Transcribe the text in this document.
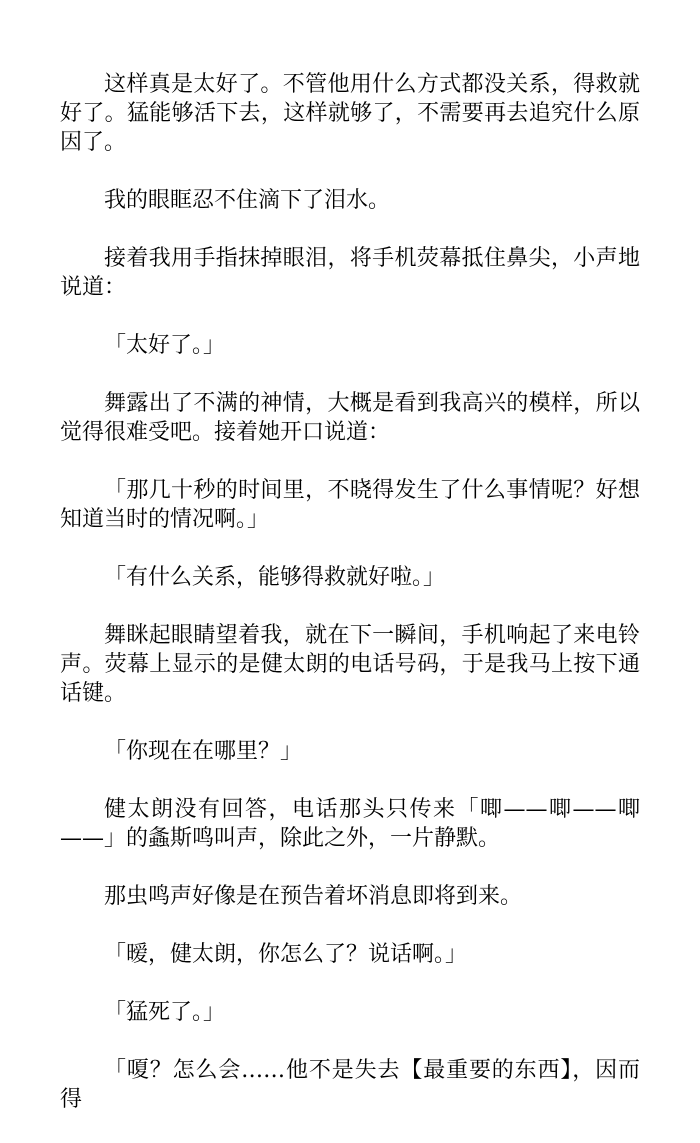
这样真是太好了。不管他用什么方式都没关系，得救就好了。猛能够活下去，这样就够了，不需要再去追究什么原因了。

我的眼眶忍不住滴下了泪水。

接着我用手指抹掉眼泪，将手机荧幕抵住鼻尖，小声地说道：

「太好了。」

舞露出了不满的神情，大概是看到我高兴的模样，所以觉得很难受吧。接着她开口说道：

「那几十秒的时间里，不晓得发生了什么事情呢？好想知道当时的情况啊。」

「有什么关系，能够得救就好啦。」

舞眯起眼睛望着我，就在下一瞬间，手机响起了来电铃声。荧幕上显示的是健太朗的电话号码，于是我马上按下通话键。

「你现在在哪里？」

健太朗没有回答，电话那头只传来「唧——唧——唧——」的螽斯鸣叫声，除此之外，一片静默。

那虫鸣声好像是在预告着坏消息即将到来。

「暧，健太朗，你怎么了？说话啊。」

「猛死了。」

「嗄？怎么会……他不是失去【最重要的东西】，因而得
